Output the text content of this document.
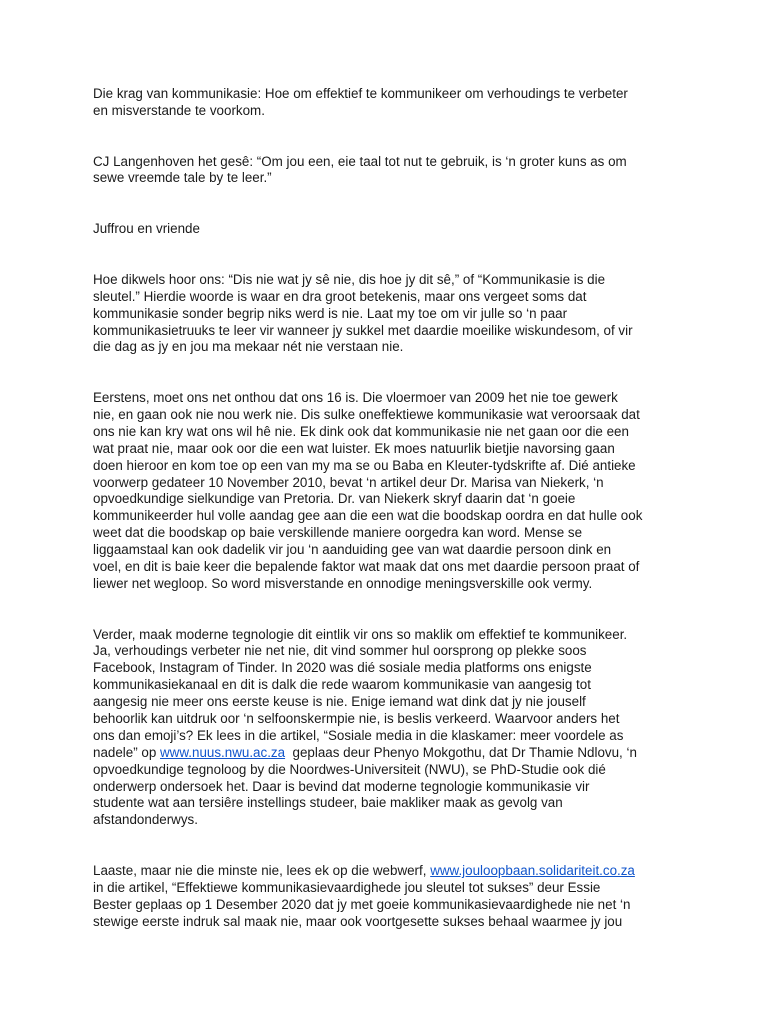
Die krag van kommunikasie: Hoe om effektief te kommunikeer om verhoudings te verbeter
en misverstande te voorkom.

CJ Langenhoven het gesê: “Om jou een, eie taal tot nut te gebruik, is ‘n groter kuns as om
sewe vreemde tale by te leer.”

Juffrou en vriende

Hoe dikwels hoor ons: “Dis nie wat jy sê nie, dis hoe jy dit sê,” of “Kommunikasie is die
sleutel.” Hierdie woorde is waar en dra groot betekenis, maar ons vergeet soms dat
kommunikasie sonder begrip niks werd is nie. Laat my toe om vir julle so ‘n paar
kommunikasietruuks te leer vir wanneer jy sukkel met daardie moeilike wiskundesom, of vir
die dag as jy en jou ma mekaar nét nie verstaan nie.

Eerstens, moet ons net onthou dat ons 16 is. Die vloermoer van 2009 het nie toe gewerk
nie, en gaan ook nie nou werk nie. Dis sulke oneffektiewe kommunikasie wat veroorsaak dat
ons nie kan kry wat ons wil hê nie. Ek dink ook dat kommunikasie nie net gaan oor die een
wat praat nie, maar ook oor die een wat luister. Ek moes natuurlik bietjie navorsing gaan
doen hieroor en kom toe op een van my ma se ou Baba en Kleuter-tydskrifte af. Dié antieke
voorwerp gedateer 10 November 2010, bevat ‘n artikel deur Dr. Marisa van Niekerk, ‘n
opvoedkundige sielkundige van Pretoria. Dr. van Niekerk skryf daarin dat ‘n goeie
kommunikeerder hul volle aandag gee aan die een wat die boodskap oordra en dat hulle ook
weet dat die boodskap op baie verskillende maniere oorgedra kan word. Mense se
liggaamstaal kan ook dadelik vir jou ‘n aanduiding gee van wat daardie persoon dink en
voel, en dit is baie keer die bepalende faktor wat maak dat ons met daardie persoon praat of
liewer net wegloop. So word misverstande en onnodige meningsverskille ook vermy.

Verder, maak moderne tegnologie dit eintlik vir ons so maklik om effektief te kommunikeer.
Ja, verhoudings verbeter nie net nie, dit vind sommer hul oorsprong op plekke soos
Facebook, Instagram of Tinder. In 2020 was dié sosiale media platforms ons enigste
kommunikasiekanaal en dit is dalk die rede waarom kommunikasie van aangesig tot
aangesig nie meer ons eerste keuse is nie. Enige iemand wat dink dat jy nie jouself
behoorlik kan uitdruk oor ‘n selfoonskermpie nie, is beslis verkeerd. Waarvoor anders het
ons dan emoji’s? Ek lees in die artikel, “Sosiale media in die klaskamer: meer voordele as
nadele” op www.nuus.nwu.ac.za  geplaas deur Phenyo Mokgothu, dat Dr Thamie Ndlovu, ‘n
opvoedkundige tegnoloog by die Noordwes-Universiteit (NWU), se PhD-Studie ook dié
onderwerp ondersoek het. Daar is bevind dat moderne tegnologie kommunikasie vir
studente wat aan tersiêre instellings studeer, baie makliker maak as gevolg van
afstandonderwys.

Laaste, maar nie die minste nie, lees ek op die webwerf, www.jouloopbaan.solidariteit.co.za
in die artikel, “Effektiewe kommunikasievaardighede jou sleutel tot sukses” deur Essie
Bester geplaas op 1 Desember 2020 dat jy met goeie kommunikasievaardighede nie net ‘n
stewige eerste indruk sal maak nie, maar ook voortgesette sukses behaal waarmee jy jou
